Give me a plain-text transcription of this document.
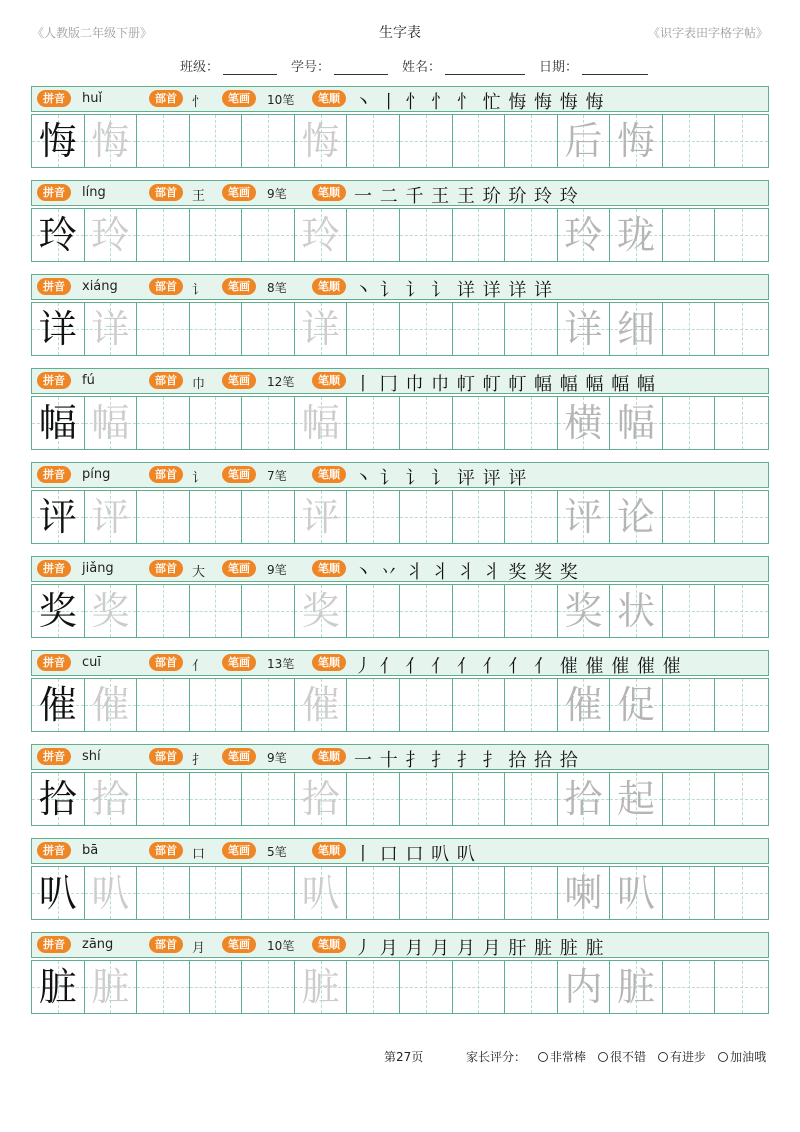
《人教版二年级下册》	生字表	《识字表田字格字帖》
班级：	学号：	姓名：	日期：
拼音	huǐ	部首	忄	笔画	10笔	笔顺 丶 丨 忄 忄 忄 忙 悔 悔 悔 悔
悔 悔	悔	后 悔
拼音	líng	部首	王	笔画	9笔	笔顺 一 二 千 王 王 玠 玠 玲 玲
玲 玲	玲	玲 珑
拼音	xiáng	部首	讠	笔画	8笔	笔顺 丶 讠 讠 讠 详 详 详 详
详 详	详	详 细
拼音	fú	部首	巾	笔画	12笔	笔顺 丨 冂 巾 巾 帄 帄 帄 幅 幅 幅 幅 幅
幅 幅	幅	横 幅
拼音	píng	部首	讠	笔画	7笔	笔顺 丶 讠 讠 讠 评 评 评
评 评	评	评 论
拼音	jiǎng	部首	大	笔画	9笔	笔顺 丶 丷 丬 丬 丬 丬 奖 奖 奖
奖 奖	奖	奖 状
拼音	cuī	部首	亻	笔画	13笔	笔顺 丿 亻 亻 亻 亻 亻 亻 亻 催 催 催 催 催
催 催	催	催 促
拼音	shí	部首	扌	笔画	9笔	笔顺 一 十 扌 扌 扌 扌 拾 拾 拾
拾 拾	拾	拾 起
拼音	bā	部首	口	笔画	5笔	笔顺 丨 口 口 叭 叭
叭 叭	叭	喇 叭
拼音	zāng	部首	月	笔画	10笔	笔顺 丿 月 月 月 月 月 肝 脏 脏 脏
脏 脏	脏	内 脏
第27页	家长评分： 非常棒 很不错 有进步 加油哦
